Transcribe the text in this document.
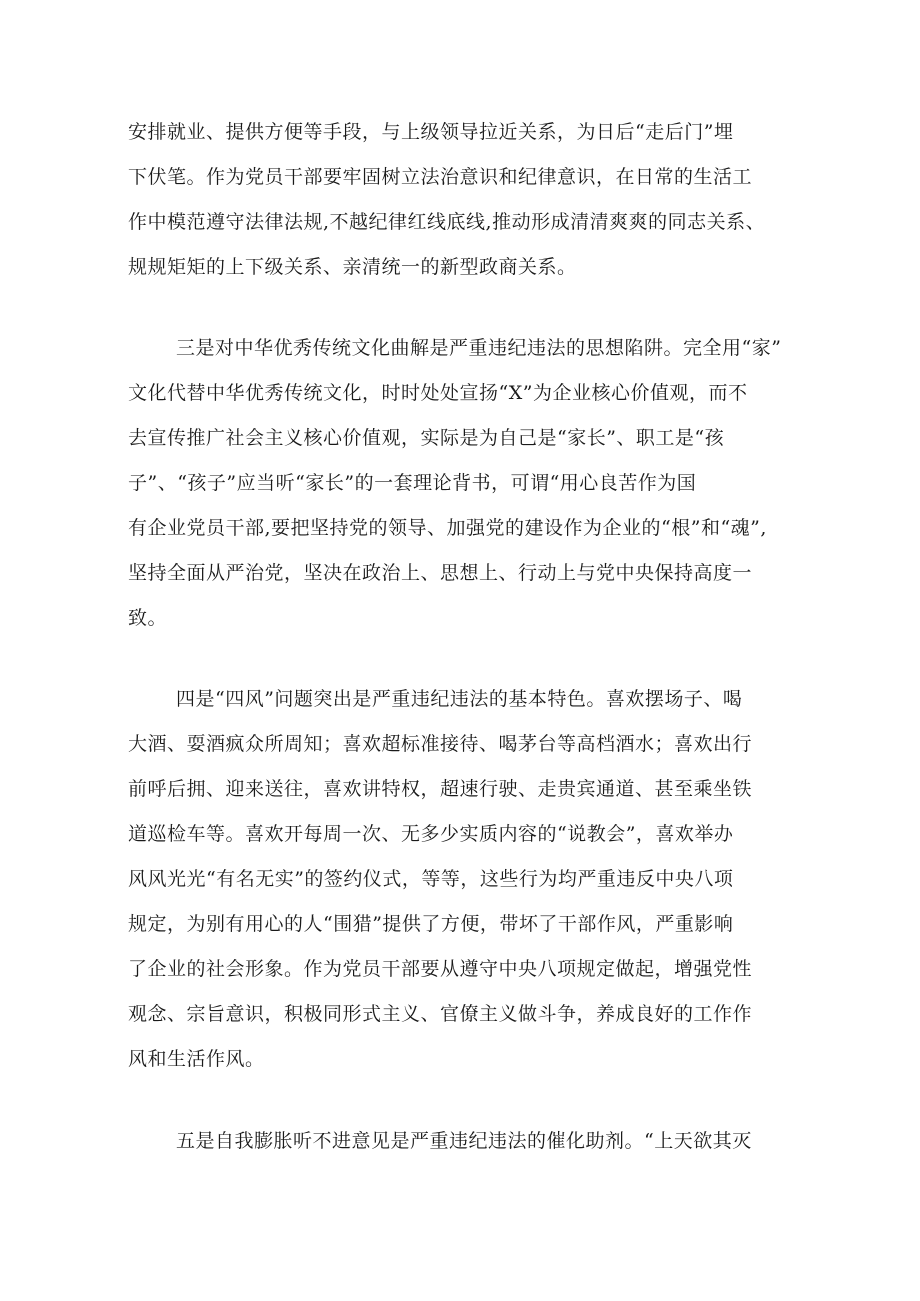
安排就业、提供方便等手段，与上级领导拉近关系，为日后“走后门”埋
下伏笔。作为党员干部要牢固树立法治意识和纪律意识，在日常的生活工
作中模范遵守法律法规,不越纪律红线底线,推动形成清清爽爽的同志关系、
规规矩矩的上下级关系、亲清统一的新型政商关系。
三是对中华优秀传统文化曲解是严重违纪违法的思想陷阱。完全用“家”
文化代替中华优秀传统文化，时时处处宣扬“X”为企业核心价值观，而不
去宣传推广社会主义核心价值观，实际是为自己是“家长”、职工是“孩
子”、“孩子”应当听“家长”的一套理论背书，可谓“用心良苦作为国
有企业党员干部,要把坚持党的领导、加强党的建设作为企业的“根”和“魂”,
坚持全面从严治党，坚决在政治上、思想上、行动上与党中央保持高度一
致。
四是“四风”问题突出是严重违纪违法的基本特色。喜欢摆场子、喝
大酒、耍酒疯众所周知；喜欢超标准接待、喝茅台等高档酒水；喜欢出行
前呼后拥、迎来送往，喜欢讲特权，超速行驶、走贵宾通道、甚至乘坐铁
道巡检车等。喜欢开每周一次、无多少实质内容的“说教会”，喜欢举办
风风光光“有名无实”的签约仪式，等等，这些行为均严重违反中央八项
规定，为别有用心的人“围猎”提供了方便，带坏了干部作风，严重影响
了企业的社会形象。作为党员干部要从遵守中央八项规定做起，增强党性
观念、宗旨意识，积极同形式主义、官僚主义做斗争，养成良好的工作作
风和生活作风。
五是自我膨胀听不进意见是严重违纪违法的催化助剂。“上天欲其灭
